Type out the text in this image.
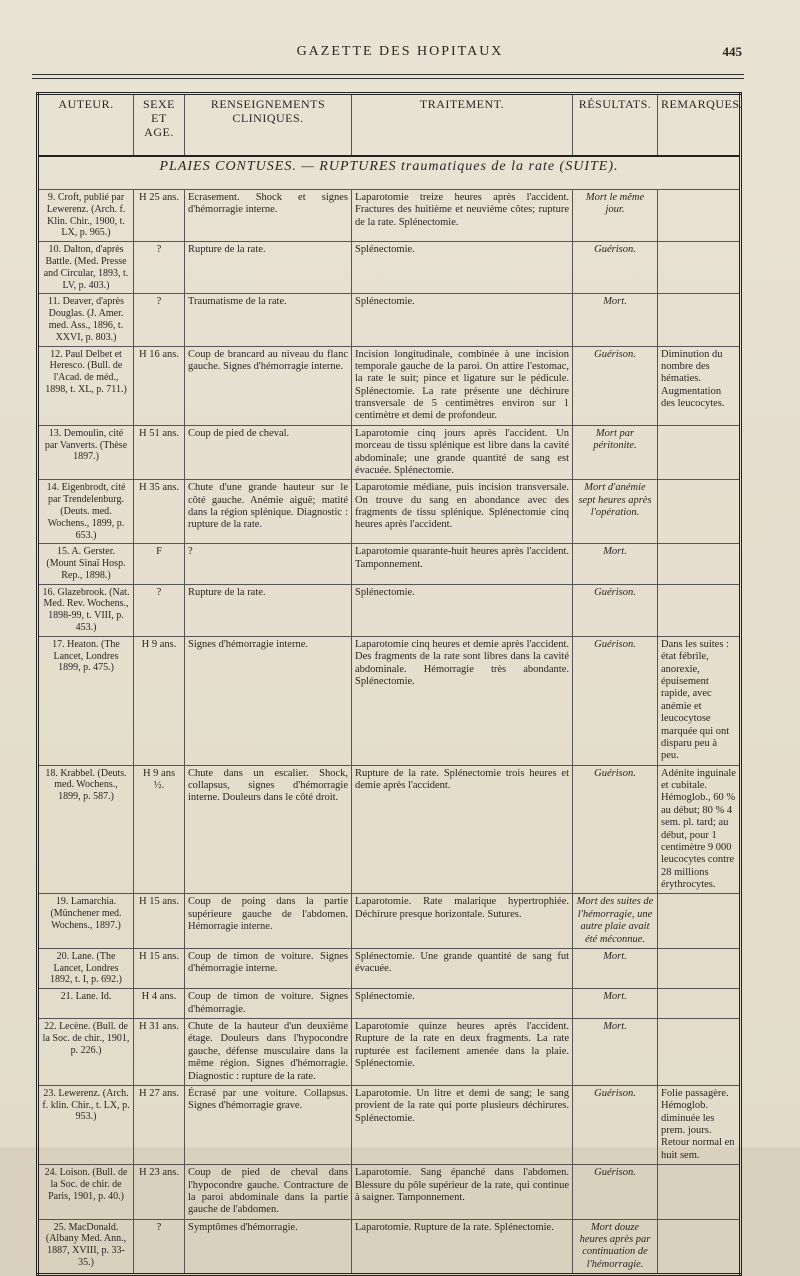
GAZETTE DES HOPITAUX	445
AUTEUR.	SEXE ET AGE.	RENSEIGNEMENTS CLINIQUES.	TRAITEMENT.	RÉSULTATS.	REMARQUES.
PLAIES CONTUSES. — RUPTURES traumatiques de la rate (SUITE).					
9. Croft, publié par Lewerenz. (Arch. f. Klin. Chir., 1900, t. LX, p. 965.)	H 25 ans.	Ecrasement. Shock et signes d'hémorragie interne.	Laparotomie treize heures après l'accident. Fractures des huitième et neuvième côtes; rupture de la rate. Splénectomie.	Mort le même jour.	
10. Dalton, d'après Battle. (Med. Presse and Circular, 1893, t. LV, p. 403.)	?	Rupture de la rate.	Splénectomie.	Guérison.	
11. Deaver, d'après Douglas. (J. Amer. med. Ass., 1896, t. XXVI, p. 803.)	?	Traumatisme de la rate.	Splénectomie.	Mort.	
12. Paul Delbet et Heresco. (Bull. de l'Acad. de méd., 1898, t. XL, p. 711.)	H 16 ans.	Coup de brancard au niveau du flanc gauche. Signes d'hémorragie interne.	Incision longitudinale, combinée à une incision temporale gauche de la paroi. On attire l'estomac, la rate le suit; pince et ligature sur le pédicule. Splénectomie. La rate présente une déchirure transversale de 5 centimètres environ sur 1 centimètre et demi de profondeur.	Guérison.	Diminution du nombre des hématies. Augmentation des leucocytes.
13. Demoulin, cité par Vanverts. (Thèse 1897.)	H 51 ans.	Coup de pied de cheval.	Laparotomie cinq jours après l'accident. Un morceau de tissu splénique est libre dans la cavité abdominale; une grande quantité de sang est évacuée. Splénectomie.	Mort par péritonite.	
14. Eigenbrodt, cité par Trendelenburg. (Deuts. med. Wochens., 1899, p. 653.)	H 35 ans.	Chute d'une grande hauteur sur le côté gauche. Anémie aiguë; matité dans la région splénique. Diagnostic : rupture de la rate.	Laparotomie médiane, puis incision transversale. On trouve du sang en abondance avec des fragments de tissu splénique. Splénectomie cinq heures après l'accident.	Mort d'anémie sept heures après l'opération.	
15. A. Gerster. (Mount Sinaï Hosp. Rep., 1898.)	F	?	Laparotomie quarante-huit heures après l'accident. Tamponnement.	Mort.	
16. Glazebrook. (Nat. Med. Rev. Wochens., 1898-99, t. VIII, p. 453.)	?	Rupture de la rate.	Splénectomie.	Guérison.	
17. Heaton. (The Lancet, Londres 1899, p. 475.)	H 9 ans.	Signes d'hémorragie interne.	Laparotomie cinq heures et demie après l'accident. Des fragments de la rate sont libres dans la cavité abdominale. Hémorragie très abondante. Splénectomie.	Guérison.	Dans les suites : état fébrile, anorexie, épuisement rapide, avec anémie et leucocytose marquée qui ont disparu peu à peu.
18. Krabbel. (Deuts. med. Wochens., 1899, p. 587.)	H 9 ans ½.	Chute dans un escalier. Shock, collapsus, signes d'hémorragie interne. Douleurs dans le côté droit.	Rupture de la rate. Splénectomie trois heures et demie après l'accident.	Guérison.	Adénite inguinale et cubitale. Hémoglob., 60 % au début; 80 % 4 sem. pl. tard; au début, pour 1 centimètre 9 000 leucocytes contre 28 millions érythrocytes.
19. Lamarchia. (Münchener med. Wochens., 1897.)	H 15 ans.	Coup de poing dans la partie supérieure gauche de l'abdomen. Hémorragie interne.	Laparotomie. Rate malarique hypertrophiée. Déchirure presque horizontale. Sutures.	Mort des suites de l'hémorragie, une autre plaie avait été méconnue.	
20. Lane. (The Lancet, Londres 1892, t. I, p. 692.)	H 15 ans.	Coup de timon de voiture. Signes d'hémorragie interne.	Splénectomie. Une grande quantité de sang fut évacuée.	Mort.	
21. Lane. Id.	H 4 ans.	Coup de timon de voiture. Signes d'hémorragie.	Splénectomie.	Mort.	
22. Lecène. (Bull. de la Soc. de chir., 1901, p. 226.)	H 31 ans.	Chute de la hauteur d'un deuxième étage. Douleurs dans l'hypocondre gauche, défense musculaire dans la même région. Signes d'hémorragie. Diagnostic : rupture de la rate.	Laparotomie quinze heures après l'accident. Rupture de la rate en deux fragments. La rate rupturée est facilement amenée dans la plaie. Splénectomie.	Mort.	
23. Lewerenz. (Arch. f. klin. Chir., t. LX, p. 953.)	H 27 ans.	Écrasé par une voiture. Collapsus. Signes d'hémorragie grave.	Laparotomie. Un litre et demi de sang; le sang provient de la rate qui porte plusieurs déchirures. Splénectomie.	Guérison.	Folie passagère. Hémoglob. diminuée les prem. jours. Retour normal en huit sem.
24. Loison. (Bull. de la Soc. de chir. de Paris, 1901, p. 40.)	H 23 ans.	Coup de pied de cheval dans l'hypocondre gauche. Contracture de la paroi abdominale dans la partie gauche de l'abdomen.	Laparotomie. Sang épanché dans l'abdomen. Blessure du pôle supérieur de la rate, qui continue à saigner. Tamponnement.	Guérison.	
25. MacDonald. (Albany Med. Ann., 1887, XVIII, p. 33-35.)	?	Symptômes d'hémorragie.	Laparotomie. Rupture de la rate. Splénectomie.	Mort douze heures après par continuation de l'hémorragie.	
